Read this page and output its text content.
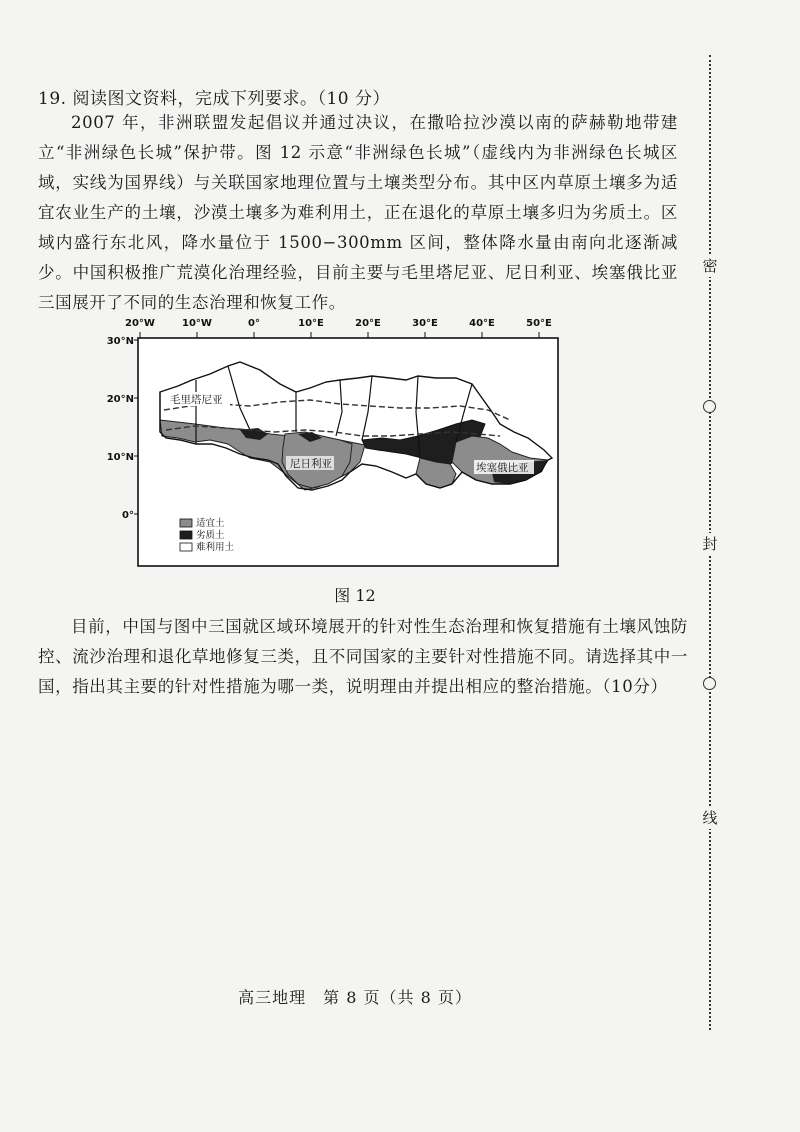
19. 阅读图文资料，完成下列要求。（10 分）
2007 年，非洲联盟发起倡议并通过决议，在撒哈拉沙漠以南的萨赫勒地带建立“非洲绿色长城”保护带。图 12 示意“非洲绿色长城”（虚线内为非洲绿色长城区域，实线为国界线）与关联国家地理位置与土壤类型分布。其中区内草原土壤多为适宜农业生产的土壤，沙漠土壤多为难利用土，正在退化的草原土壤多归为劣质土。区域内盛行东北风，降水量位于 1500−300mm 区间，整体降水量由南向北逐渐减少。中国积极推广荒漠化治理经验，目前主要与毛里塔尼亚、尼日利亚、埃塞俄比亚三国展开了不同的生态治理和恢复工作。
20°W	10°W	0°	10°E	20°E	30°E	40°E	50°E
30°N
20°N
10°N
0°
毛里塔尼亚
尼日利亚	埃塞俄比亚
适宜土
劣质土
难利用土
图 12
目前，中国与图中三国就区域环境展开的针对性生态治理和恢复措施有土壤风蚀防控、流沙治理和退化草地修复三类，且不同国家的主要针对性措施不同。请选择其中一国，指出其主要的针对性措施为哪一类，说明理由并提出相应的整治措施。（10分）
高三地理　第 8 页（共 8 页）
密
封
线
